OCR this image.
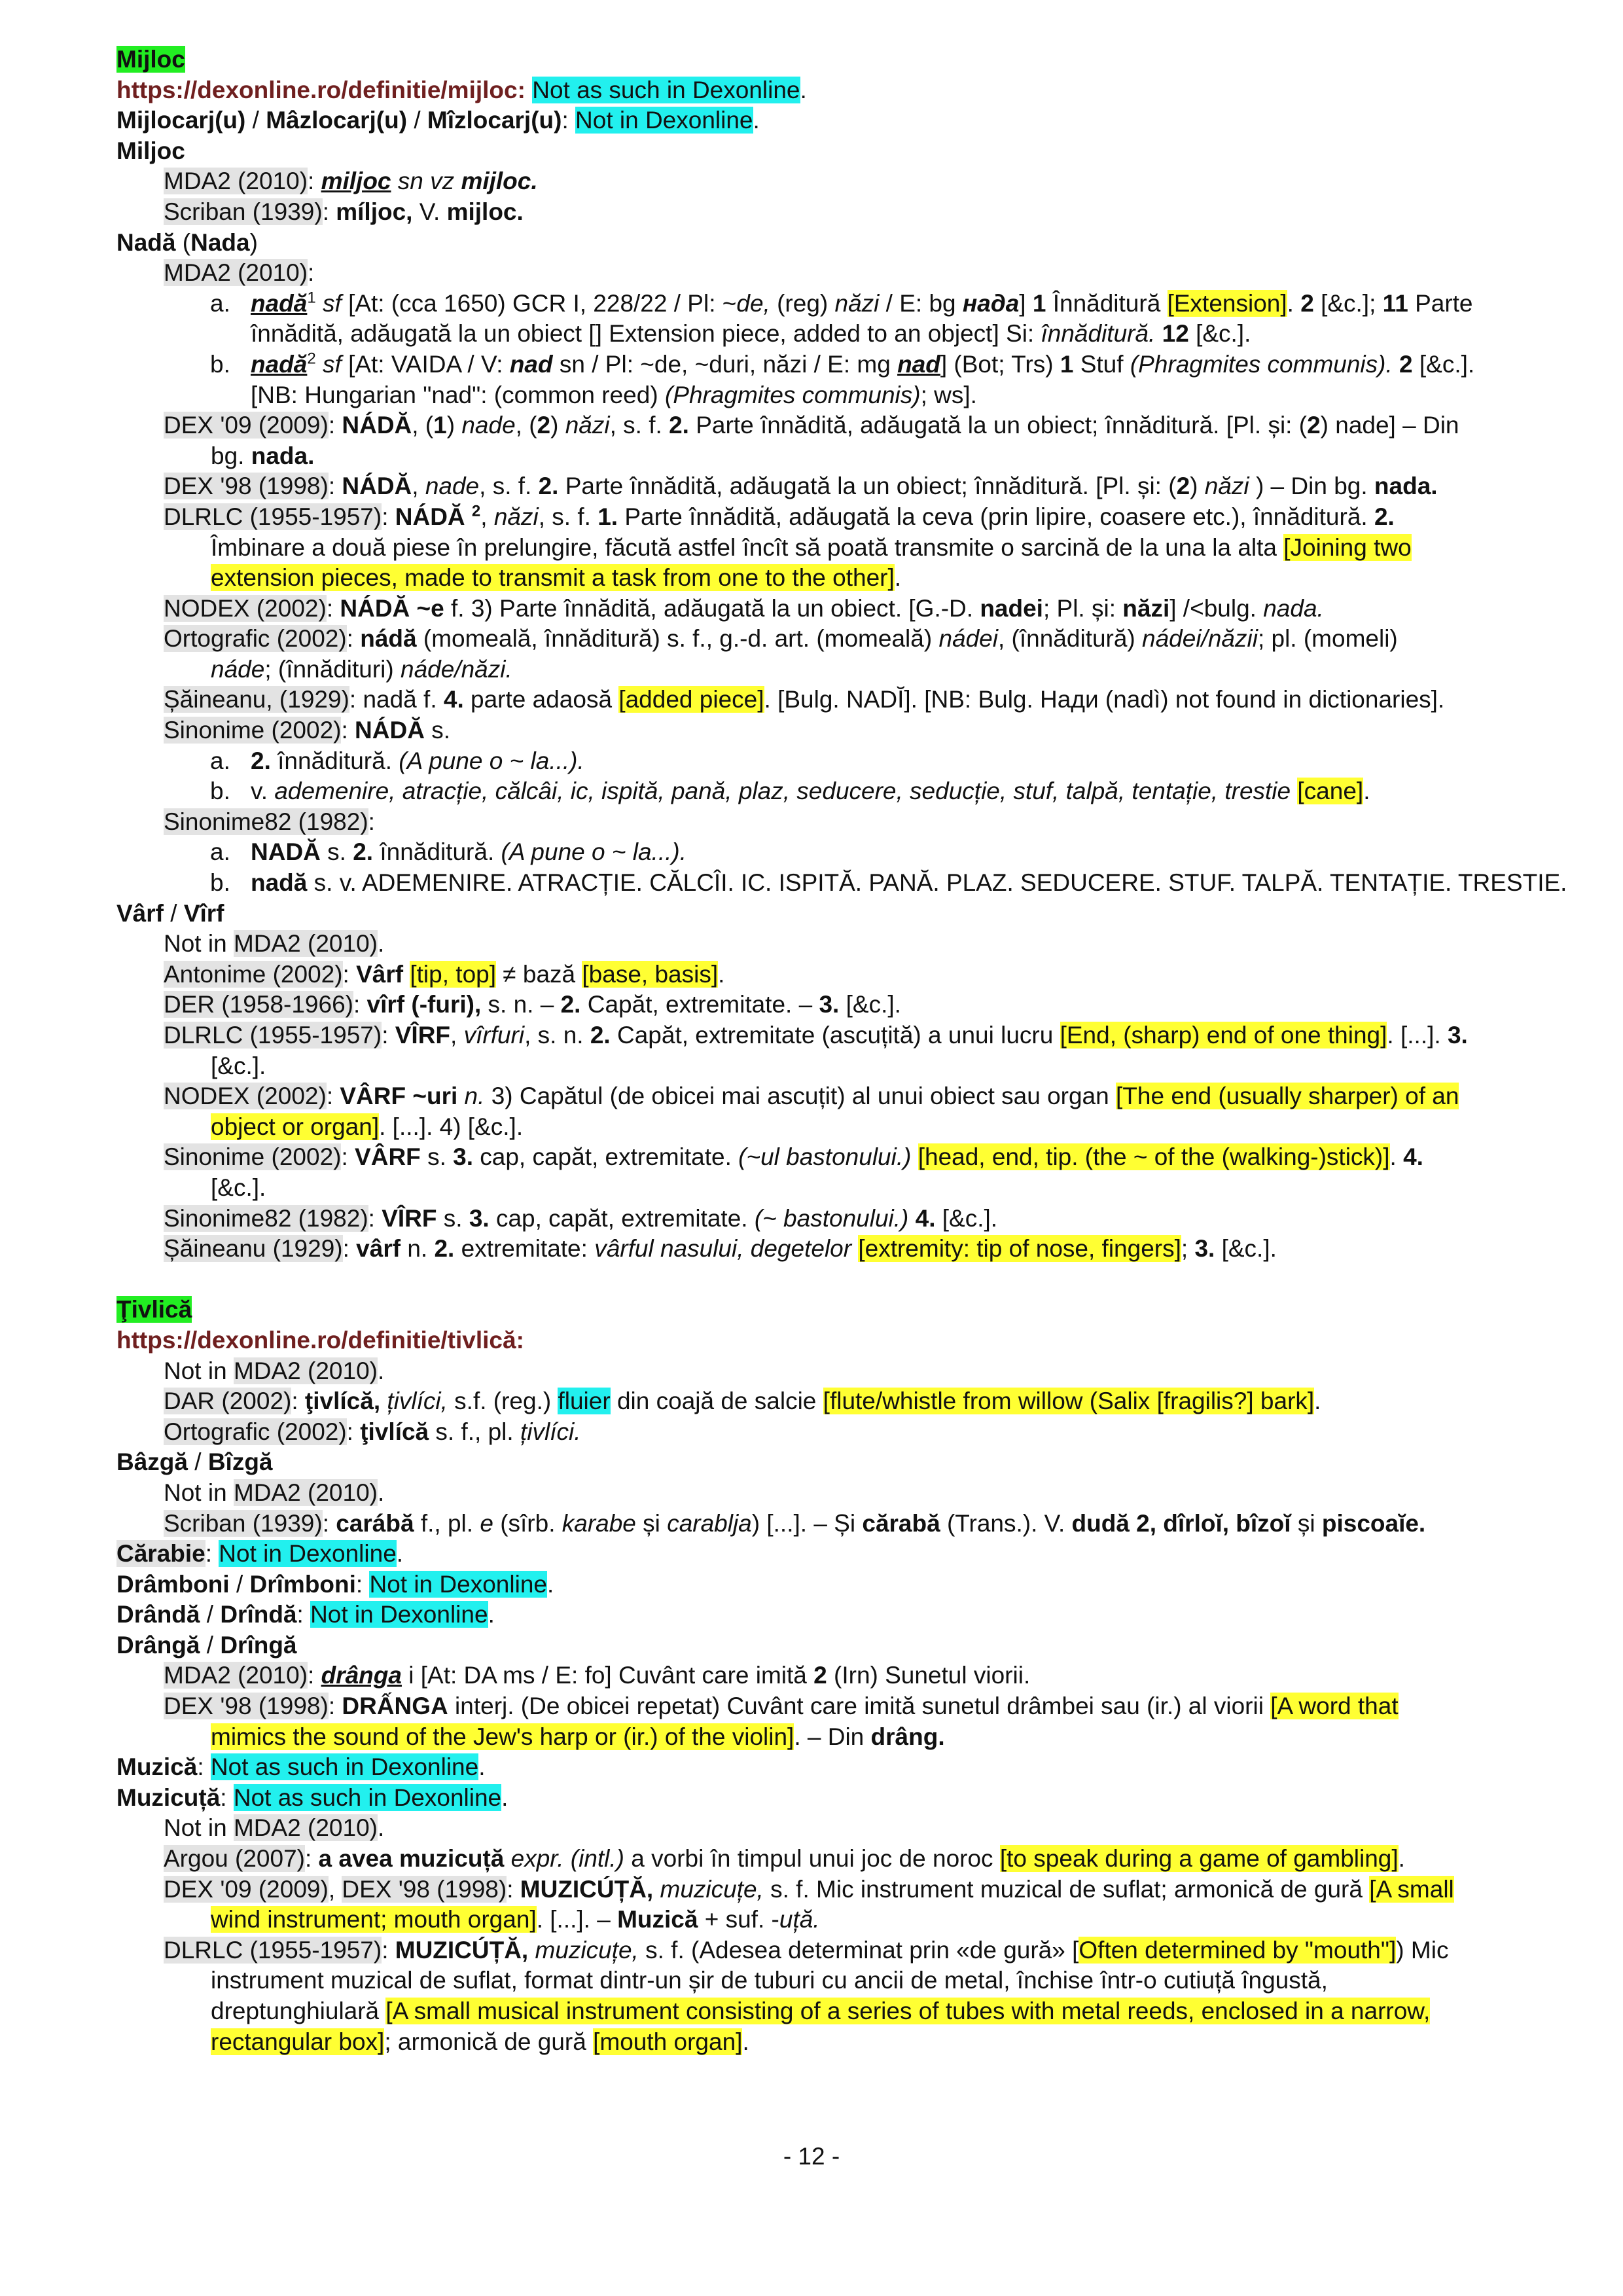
Mijloc
https://dexonline.ro/definitie/mijloc: Not as such in Dexonline.
Mijlocarj(u) / Mâzlocarj(u) / Mîzlocarj(u): Not in Dexonline.
Miljoc
MDA2 (2010): miljoc sn vz mijloc.
Scriban (1939): míljoc, V. mijloc.
Nadă (Nada)
MDA2 (2010):
a. nadă$^1$ sf [At: (cca 1650) GCR I, 228/22 / Pl: ~de, (reg) năzi / E: bg нада] 1 Înnăditură [Extension]. 2 [&c.]; 11 Parte
înnădită, adăugată la un obiect [] Extension piece, added to an object] Si: înnăditură. 12 [&c.].
b. nadă$^2$ sf [At: VAIDA / V: nad sn / Pl: ~de, ~duri, năzi / E: mg nad] (Bot; Trs) 1 Stuf (Phragmites communis). 2 [&c.].
[NB: Hungarian "nad": (common reed) (Phragmites communis); ws].
DEX '09 (2009): NÁDĂ, (1) nade, (2) năzi, s. f. 2. Parte înnădită, adăugată la un obiect; înnăditură. [Pl. și: (2) nade] – Din
bg. nada.
DEX '98 (1998): NÁDĂ, nade, s. f. 2. Parte înnădită, adăugată la un obiect; înnăditură. [Pl. și: (2) năzi ) – Din bg. nada.
DLRLC (1955-1957): NÁDĂ $^2$, năzi, s. f. 1. Parte înnădită, adăugată la ceva (prin lipire, coasere etc.), înnăditură. 2.
Îmbinare a două piese în prelungire, făcută astfel încît să poată transmite o sarcină de la una la alta [Joining two
extension pieces, made to transmit a task from one to the other].
NODEX (2002): NÁDĂ ~e f. 3) Parte înnădită, adăugată la un obiect. [G.-D. nadei; Pl. și: năzi] /<bulg. nada.
Ortografic (2002): nádă (momeală, înnăditură) s. f., g.-d. art. (momeală) nádei, (înnăditură) nádei/năzii; pl. (momeli)
náde; (înnădituri) náde/năzi.
Șăineanu, (1929): nadă f. 4. parte adaosă [added piece]. [Bulg. NADĬ]. [NB: Bulg. Нади (nadì) not found in dictionaries].
Sinonime (2002): NÁDĂ s.
a. 2. înnăditură. (A pune o ~ la...).
b. v. ademenire, atracție, călcâi, ic, ispită, pană, plaz, seducere, seducție, stuf, talpă, tentație, trestie [cane].
Sinonime82 (1982):
a. NADĂ s. 2. înnăditură. (A pune o ~ la...).
b. nadă s. v. ADEMENIRE. ATRACȚIE. CĂLCÎI. IC. ISPITĂ. PANĂ. PLAZ. SEDUCERE. STUF. TALPĂ. TENTAȚIE. TRESTIE.
Vârf / Vîrf
Not in MDA2 (2010).
Antonime (2002): Vârf [tip, top] ≠ bază [base, basis].
DER (1958-1966): vîrf (-furi), s. n. – 2. Capăt, extremitate. – 3. [&c.].
DLRLC (1955-1957): VÎRF, vîrfuri, s. n. 2. Capăt, extremitate (ascuțită) a unui lucru [End, (sharp) end of one thing]. [...]. 3.
[&c.].
NODEX (2002): VÂRF ~uri n. 3) Capătul (de obicei mai ascuțit) al unui obiect sau organ [The end (usually sharper) of an
object or organ]. [...]. 4) [&c.].
Sinonime (2002): VÂRF s. 3. cap, capăt, extremitate. (~ul bastonului.) [head, end, tip. (the ~ of the (walking-)stick)]. 4.
[&c.].
Sinonime82 (1982): VÎRF s. 3. cap, capăt, extremitate. (~ bastonului.) 4. [&c.].
Șăineanu (1929): vârf n. 2. extremitate: vârful nasului, degetelor [extremity: tip of nose, fingers]; 3. [&c.].
Ţivlică
https://dexonline.ro/definitie/tivlică:
Not in MDA2 (2010).
DAR (2002): ţivlícă, țivlíci, s.f. (reg.) fluier din coajă de salcie [flute/whistle from willow (Salix [fragilis?] bark].
Ortografic (2002): ţivlícă s. f., pl. țivlíci.
Bâzgă / Bîzgă
Not in MDA2 (2010).
Scriban (1939): carábă f., pl. e (sîrb. karabe și carablja) [...]. – Și cărabă (Trans.). V. dudă 2, dîrloĭ, bîzoĭ și piscoaĭe.
Cărabie: Not in Dexonline.
Drâmboni / Drîmboni: Not in Dexonline.
Drândă / Drîndă: Not in Dexonline.
Drângă / Drîngă
MDA2 (2010): drânga i [At: DA ms / E: fo] Cuvânt care imită 2 (Irn) Sunetul viorii.
DEX '98 (1998): DRẤNGA interj. (De obicei repetat) Cuvânt care imită sunetul drâmbei sau (ir.) al viorii [A word that
mimics the sound of the Jew's harp or (ir.) of the violin]. – Din drâng.
Muzică: Not as such in Dexonline.
Muzicuță: Not as such in Dexonline.
Not in MDA2 (2010).
Argou (2007): a avea muzicuță expr. (intl.) a vorbi în timpul unui joc de noroc [to speak during a game of gambling].
DEX '09 (2009), DEX '98 (1998): MUZICÚȚĂ, muzicuțe, s. f. Mic instrument muzical de suflat; armonică de gură [A small
wind instrument; mouth organ]. [...]. – Muzică + suf. -uță.
DLRLC (1955-1957): MUZICÚȚĂ, muzicuțe, s. f. (Adesea determinat prin «de gură» [Often determined by "mouth"]) Mic
instrument muzical de suflat, format dintr-un șir de tuburi cu ancii de metal, închise într-o cutiuță îngustă,
dreptunghiulară [A small musical instrument consisting of a series of tubes with metal reeds, enclosed in a narrow,
rectangular box]; armonică de gură [mouth organ].
- 12 -
